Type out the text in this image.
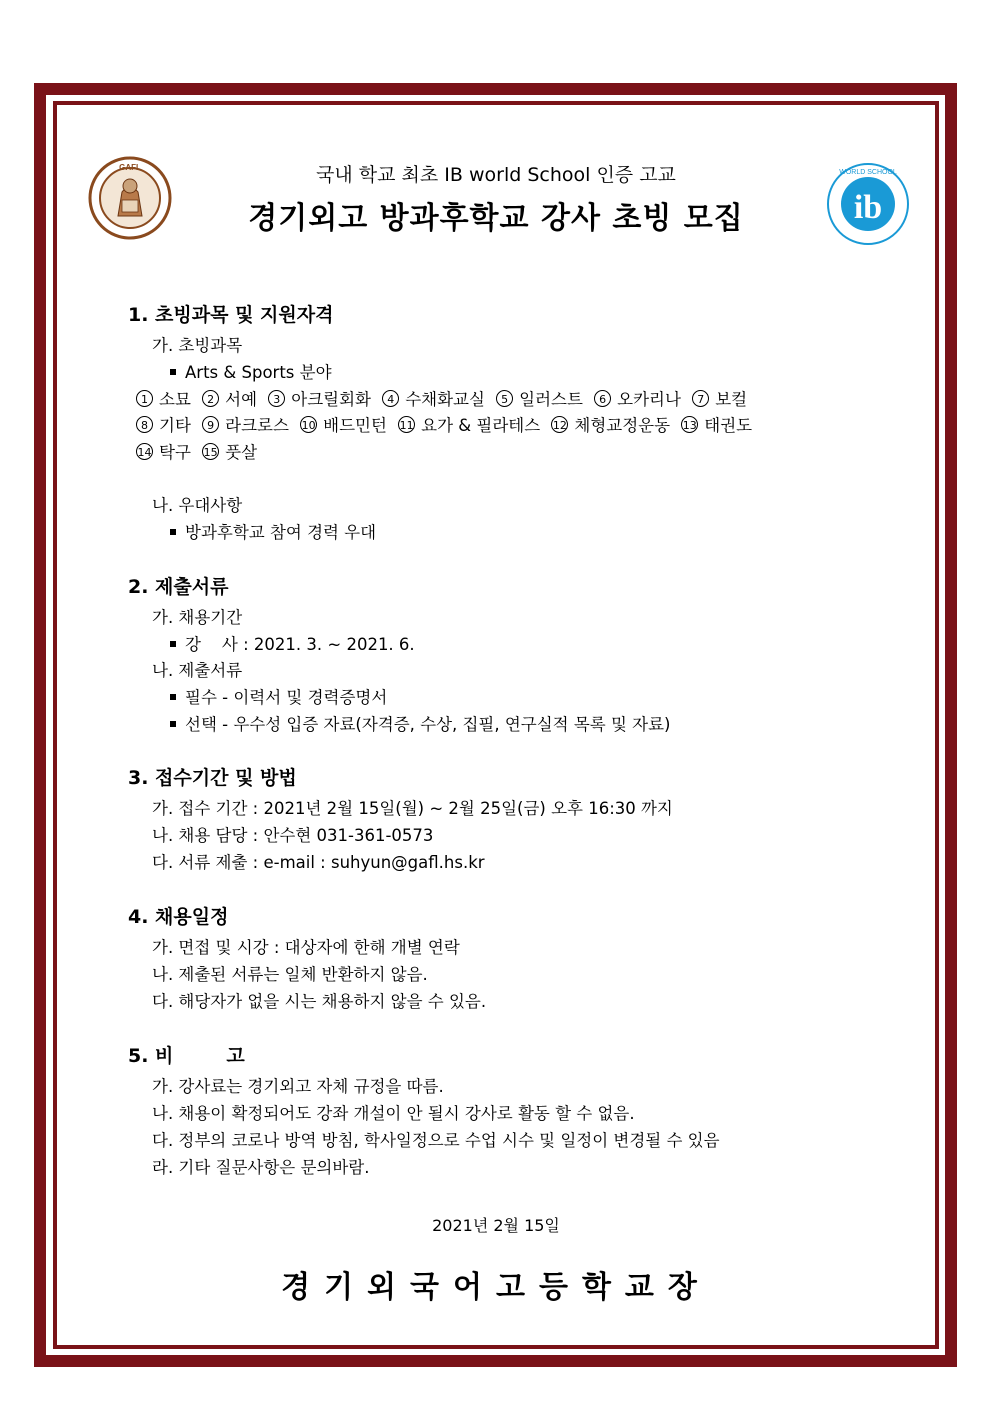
GAFL
WORLD SCHOOL
ib
국내 학교 최초 IB world School 인증 고교
경기외고 방과후학교 강사 초빙 모집
1. 초빙과목 및 지원자격
가. 초빙과목
Arts & Sports 분야
1 소묘 2 서예 3 아크릴회화 4 수채화교실 5 일러스트 6 오카리나 7 보컬
8 기타 9 라크로스 10 배드민턴 11 요가 & 필라테스 12 체형교정운동 13 태권도
14 탁구 15 풋살
나. 우대사항
방과후학교 참여 경력 우대
2. 제출서류
가. 채용기간
강    사 : 2021. 3. ~ 2021. 6.
나. 제출서류
필수 - 이력서 및 경력증명서
선택 - 우수성 입증 자료(자격증, 수상, 집필, 연구실적 목록 및 자료)
3. 접수기간 및 방법
가. 접수 기간 : 2021년 2월 15일(월) ~ 2월 25일(금) 오후 16:30 까지
나. 채용 담당 : 안수현 031-361-0573
다. 서류 제출 : e-mail : suhyun@gafl.hs.kr
4. 채용일정
가. 면접 및 시강 : 대상자에 한해 개별 연락
나. 제출된 서류는 일체 반환하지 않음.
다. 해당자가 없을 시는 채용하지 않을 수 있음.
5. 비        고
가. 강사료는 경기외고 자체 규정을 따름.
나. 채용이 확정되어도 강좌 개설이 안 될시 강사로 활동 할 수 없음.
다. 정부의 코로나 방역 방침, 학사일정으로 수업 시수 및 일정이 변경될 수 있음
라. 기타 질문사항은 문의바람.
2021년 2월 15일
경기외국어고등학교장
